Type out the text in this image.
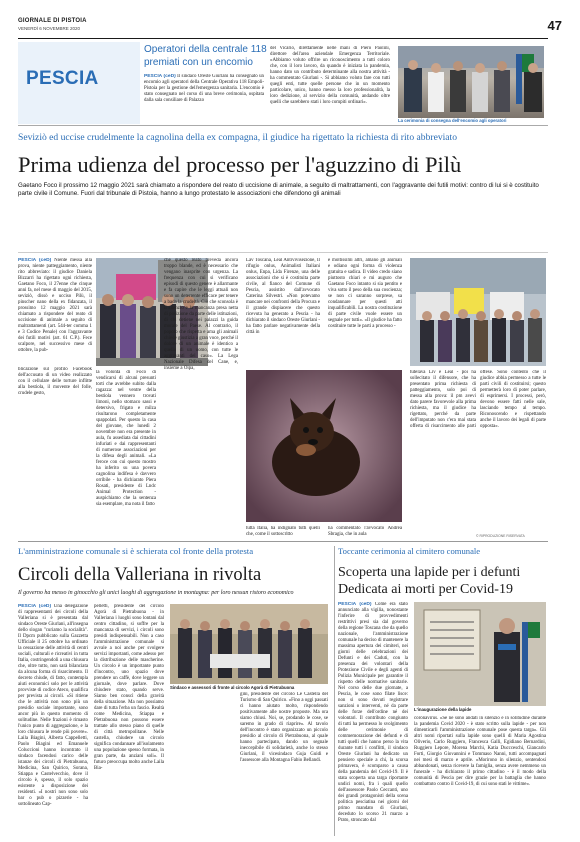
GIORNALE DI PISTOIA
VENERDÌ 6 NOVEMBRE 2020	47
PESCIA
Operatori della centrale 118 premiati con un encomio
PESCIA (ceD) Il sindaco Oreste Giurlani ha consegnato un encomio agli operatori della Centrale Operativa 118 Empoli-Pistoia per la gestione dell'emergenza sanitaria. L'encomio è stato consegnato nel corso di una breve cerimonia, ospitata dalla sala consiliare di Palazzo
del Vicario, direttamente nelle mani di Piero Paolini, direttore dell'area aziendale Emergenza Territoriale. «Abbiamo voluto offrire un riconoscimento a tutti coloro che, con il loro lavoro, da quando è iniziata la pandemia, hanno dato un contributo determinante alla nostra attività - ha commentato Giurlani -. Si abbiamo voluto fare con tutti quegli enti, tutte quelle persone che in un momento particolare, unico, hanno messo la loro professionalità, la loro dedizione, al servizio della comunità, andando oltre quelli che sarebbero stati i loro compiti ordinari».
La cerimonia di consegna dell'encomio agli operatori
Seviziò ed uccise crudelmente la cagnolina della ex compagna, il giudice ha rigettato la richiesta di rito abbreviato
Prima udienza del processo per l'aguzzino di Pilù
Gaetano Foco il prossimo 12 maggio 2021 sarà chiamato a rispondere del reato di uccisione di animale, a seguito di maltrattamenti, con l'aggravante dei futili motivi: contro di lui si è costituito parte civile il Comune. Fuori dal tribunale di Pistoia, hanno a lungo protestato le associazioni che difendono gli animali
PESCIA (ceD) Niente messa alla prova, niente patteggiamento, niente rito abbreviato: il giudice Daniela Bizzarri ha rigettato ogni richiesta, Gaetano Foco, il 27enne che cinque anni fa, nel mese di maggio del 2015, seviziò, dissò e ucciso Pilù, il pinscher nano della ex fidanzata, il prossimo 12 maggio 2021 sarà chiamato a rispondere del reato di uccisione di animale a seguito di maltrattamenti (art. 544-ter comma 1 e 3 Codice Penale) con l'aggravante dei futili motivi (art. 61 C.P.). Fece scalpore, nel successivo mese di ottobre, la pub-
blicazione sul profilo Facebook dell'accusato di un video realizzato con il cellulare delle torture inflitte alla bestiola, il movente del folle, crudele gesto,
la volontà di Foco di vendicarsi di alcuni presunti torti che avrebbe subito dalla ragazza: nel ventre della bestiola vennero trovati limoni, nello stomaco sassi e detersivo, frigato e milza risultarono completamente spappolati. Per questo la casa del giovane, che lunedì 2 novembre non era presente in aula, fu assediata dai cittadini infuriati e dai rappresentanti di numerose associazioni per la difesa degli animali. «La feroce con cui questo mostro ha inferito su una povera cagnolina indifesa è davvero orribile - ha dichiarato Piera Rosati, presidente di Lndc Animal Protection - auspichiamo che la sentenza sia esemplare, ma nota il fatto
che questo reato preveda ancora troppo blande, ed è necessario che vengano inasprite con urgenza. La frequenza con cui si verificano episodi di questo genere è allarmante e fa capire che le leggi attuali non sono un deterrente efficace per tenere a bada la crudeltà. Ciò che sconsola è il silenzio e la mancanza presa netta di posizione da parte delle istituzioni, di chi detiene nei palazzi la guida morale del Paese. Al contrario, il popolo che rispetta e ama gli animali chiede giustizia a gran voce, perché il dolore di un animale è identico a quello di un uomo, con tutte le aggravanti del caso». La Lega Nazionale Difesa del Cane, e, insieme a Oipa,
Lav Toscana, Leal Antivivisezione, Il rifugio onlus, Animalisti Italiani onlus, Enpa, Lida Firenze, una delle associazioni che si è costituita parte civile, al fianco del Comune di Pescia, assistito dall'avvocato Caterina Silvestri. «Non potevamo mancare nei confronti della Procura e il grande dispiacere che questo ricevuta ha generato a Pescia - ha dichiarato il sindaco Oreste Giurlani - ha fatto parlare negativamente della città in
e moltissimi altri, amano gli animali e odiano ogni forma di violenza gratuita e sadica. Il video credo siano piuttosto chiari e mi auguro che Gaetano Foco intanto si sia pentito e viva sotto il peso della sua coscienza; se non ci saranno sorprese, sa condannare per questi atti inqualificabili. La nostra costituzione di parte civile vuole essere un segnale per tutti». «Il giudice ha fatto costituire tutte le parti a processo -
tutta Italia, ha indignato tutti quelli che, come il sottoscritto
ha commentato l'avvocato Andrea Sbragia, che in aula
tutelava Liv e Leal - poi ha sollecitato il difensore, che ha presentato prima richiesta di patteggiamento, solo poi di messa alla prova: il pm avevi dato parere favorevole alla prima richiesta, ma il giudice ha rigettato, perché da parte dell'imputato non c'era mai stata offerta di risarcimento alle parti offese. Sono contento che il giudice abbia permesso a tutte le parti civili di costituirsi; questo permetterà loro di poter parlare, di esprimersi. I processi, però, devono essere fatti nelle sale, lasciando tempo al tempo. Riconoscendo e rispettando anche il lavoro dei legali di parte opposta».
© RIPRODUZIONE RISERVATA
L'amministrazione comunale si è schierata col fronte della protesta
Circoli della Valleriana in rivolta
Il governo ha messo in ginocchio gli unici luoghi di aggregazione in montagna: per loro nessun ristoro economico
PESCIA (ceD) Una delegazione di rappresentanti dei circoli della Valleriana si è presentata dal sindaco Oreste Giurlani, all'insegna dello slogan "curiamo la socialità". Il Dpcm pubblicato sulla Gazzetta Ufficiale il 25 ottobre ha ordinato la cessazione delle attività di centri sociali, culturali e ricreativi in tutta Italia, costringendoli a una chiusura che, oltre tutto, non sarà bilanciata da alcuna forma di risarcimento. Il decreto chiude, di fatto, contempla aiuti economici solo per le attività provviste di codice Ateco, qualifica per prevista ai circoli. «Si ritiene che le attività non sono più un presidio sociale importante, sono ancor più in questo momento di solitudine. Nelle frazioni è rimasto l'unico punto di aggregazione, e la loro chiusura le rende più povere». Laila Biagini, Alberta Cappelletti, Paolo Biagini ed Emanuele Coluccioni hanno incontrato il sindaco facendosi carico delle istanze dei circoli di Pietrabuona, Medicina, San Quirico, Sorana, Stiappa e Castelvecchio, dove il circolo è, spesso, il solo spazio esistente a disposizione dei residenti. «I nostri non sono solo bar o pub o pizzerie - ha sottolineato Cap-
pelletti, presidente del circolo Agorà di Pietrabuona - in Valleriana i luoghi sono lontani dal centro cittadino, si soffre per la mancanza di servizi, i circoli sono presidi indispensabili. Non a caso l'amministrazione comunale si avvale a noi anche per svolgere servizi importanti, come adesso per la distribuzione delle mascherine. Un circolo è un importante punto d'incontro, uno spazio dove prendere un caffè, dove leggere un giornale, dove parlare. Dove chiudere stato, quando serve. Siamo ben conscì della gravità della situazione. Ma non possiamo dare di tutta l'erba un fascio. Realtà come Medicina, Stiappa e Pietrabuona non possono essere trattate allo stesso piano di quelle di città metropolitane. Nelle castella, chiudere un circolo significa condannare all'isolamento una popolazione spesso formata, in gran parte, da anziani soli». Il futuro preoccupa molto anche Laila Bia-
Sindaco e assessori di fronte al circolo Agorà di Pietrabuona
gini, presidente del circolo Le Castella del Turismo di San Quirico. «Fino a oggi passati ci hanno aiutato molto, rispondendo positivamente alle nostre proposte. Ma ora siamo chiusi. Noi, se, prodando le cose, se saremo in grado di riaprire». Al tavolo dell'incontro è stato organizzato un piccolo presidio al circolo di Pietrabuona, al quale hanno partecipato, dando un segnale ineccepibile di solidarietà, anche lo stesso Giurlani, il vicesindaco Guja Guidi e l'assessore alla Montagna Fabio Bellandi.
Toccante cerimonia al cimitero comunale
Scoperta una lapide per i defunti Dedicata ai morti per Covid-19
PESCIA (ceD) Come era stato annunciato alla vigilia, nonostante l'inferire di provvedimenti restrittivi presi sia dal governo della regione Toscana che da quello nazionale, l'amministrazione comunale ha deciso di mantenere la massima apertura dei cimiteri, nei giorni delle celebrazioni dei Defunti e dei Caduti, con la presenza dei volontari della Protezione Civile e degli agenti di Polizia Municipale per garantire il rispetto delle normative sanitarie. Nel corso delle due giornate, a Pescia, le cose sono filate lisce: non si sono dovuti registrare sanzioni o interventi, né da parte delle forze dell'ordine né dei volontari. Il contributo congiunto di tutti ha permesso lo svolgimento delle cerimonie di commemorazione dei defunti e di tutti quelli che hanno perso la vita durante tutti i conflitti, il sindaco Oreste Giurlani ha dedicato un pensiero speciale a chi, la scorsa primavera, è scomparso a causa della pandemia del Covid-19. Il è stata scoperta una targa riportante undici nomi, fra i quali quello dell'assessore Paolo Ceccanti, uno dei grandi protagonisti della scena politica pesciatina nei giorni del primo mandato di Giurlani, deceduto lo scorso 21 marzo a Prato, stroncato dal
L'inaugurazione della lapide
coronavirus. «Se ne sono andati in silenzio e in solitudine durante la pandemia Covid 2020 - è stato scritto sulla lapide - per non dimenticarli l'amministrazione comunale pose questa targa». Gli altri nomi riportati sulla lapide sono quelli di Maria Agostina Oliverio, Carlo Ruggiero, Francesca Galli, Egidiano Bernardini, Ruggiero Lepore, Morena Marchi, Katia Duccceschi, Giancarlo Forti, Giorgio Giovannini e Tommaso Nanni, tutti accompagnati nei mesi di marzo e aprile. «Morirono in silenzio, sentendosi abbandonati, senza ricevere la famiglia, senza avere nemmeno un funerale - ha dichiarato il primo cittadino - è il modo della comunità di Pescia per dire grazie per la battaglia che hanno combattuto contro il Covid-19, di cui sono stati le vittime».
